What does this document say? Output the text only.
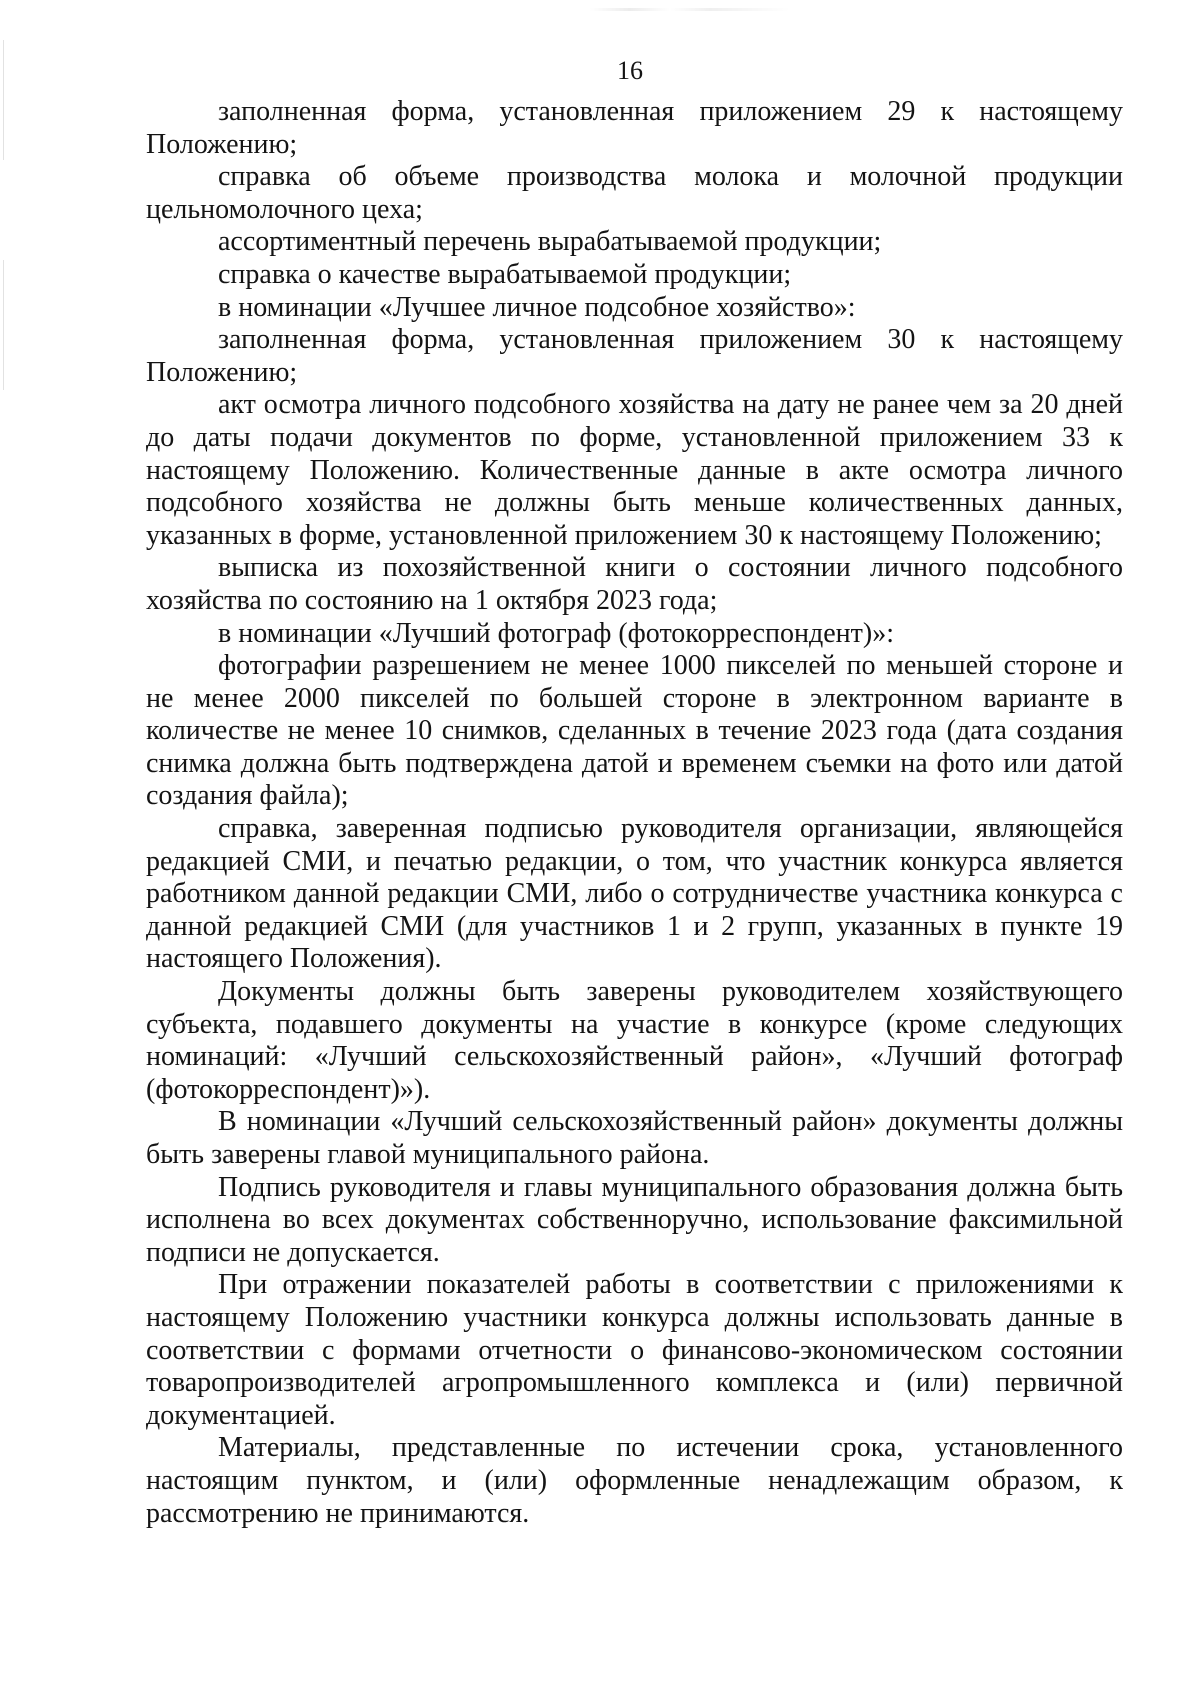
16

заполненная форма, установленная приложением 29 к настоящему Положению;

справка об объеме производства молока и молочной продукции цельномолочного цеха;

ассортиментный перечень вырабатываемой продукции;

справка о качестве вырабатываемой продукции;

в номинации «Лучшее личное подсобное хозяйство»:

заполненная форма, установленная приложением 30 к настоящему Положению;

акт осмотра личного подсобного хозяйства на дату не ранее чем за 20 дней до даты подачи документов по форме, установленной приложением 33 к настоящему Положению. Количественные данные в акте осмотра личного подсобного хозяйства не должны быть меньше количественных данных, указанных в форме, установленной приложением 30 к настоящему Положению;

выписка из похозяйственной книги о состоянии личного подсобного хозяйства по состоянию на 1 октября 2023 года;

в номинации «Лучший фотограф (фотокорреспондент)»:

фотографии разрешением не менее 1000 пикселей по меньшей стороне и не менее 2000 пикселей по большей стороне в электронном варианте в количестве не менее 10 снимков, сделанных в течение 2023 года (дата создания снимка должна быть подтверждена датой и временем съемки на фото или датой создания файла);

справка, заверенная подписью руководителя организации, являющейся редакцией СМИ, и печатью редакции, о том, что участник конкурса является работником данной редакции СМИ, либо о сотрудничестве участника конкурса с данной редакцией СМИ (для участников 1 и 2 групп, указанных в пункте 19 настоящего Положения).

Документы должны быть заверены руководителем хозяйствующего субъекта, подавшего документы на участие в конкурсе (кроме следующих номинаций: «Лучший сельскохозяйственный район», «Лучший фотограф (фотокорреспондент)»).

В номинации «Лучший сельскохозяйственный район» документы должны быть заверены главой муниципального района.

Подпись руководителя и главы муниципального образования должна быть исполнена во всех документах собственноручно, использование факсимильной подписи не допускается.

При отражении показателей работы в соответствии с приложениями к настоящему Положению участники конкурса должны использовать данные в соответствии с формами отчетности о финансово-экономическом состоянии товаропроизводителей агропромышленного комплекса и (или) первичной документацией.

Материалы, представленные по истечении срока, установленного настоящим пунктом, и (или) оформленные ненадлежащим образом, к рассмотрению не принимаются.
